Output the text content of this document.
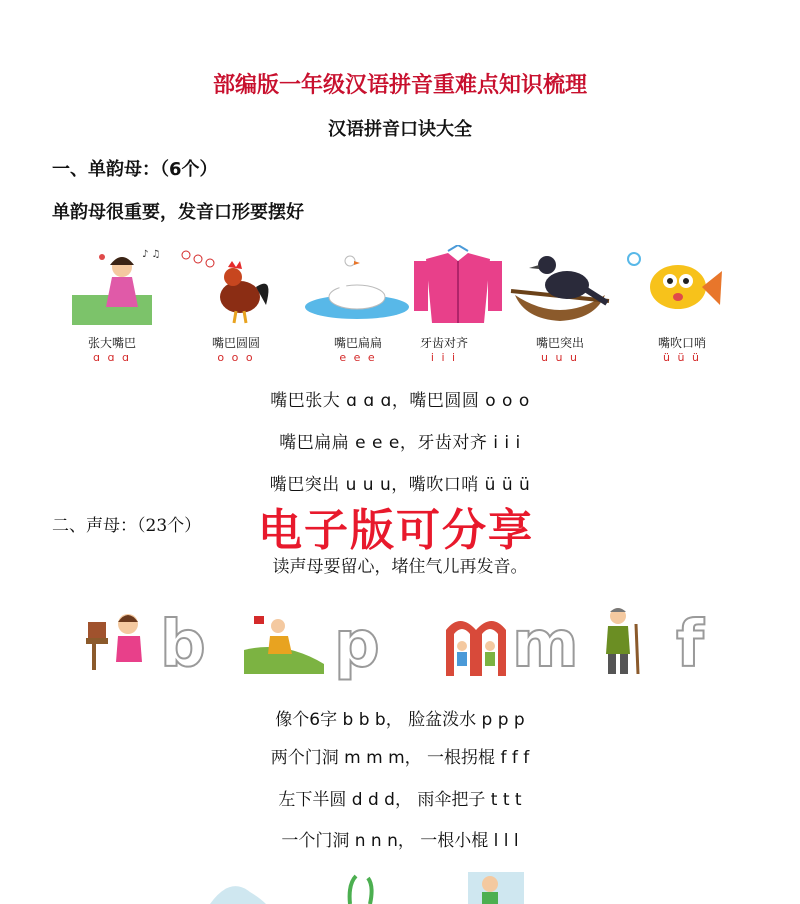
部编版一年级汉语拼音重难点知识梳理
汉语拼音口诀大全
一、单韵母：（6个）
单韵母很重要，发音口形要摆好
♪ ♫
张大嘴巴
ɑ ɑ ɑ
嘴巴圆圆
o o o
嘴巴扁扁
e e e
牙齿对齐
i i i
嘴巴突出
u u u
嘴吹口哨
ü ü ü
嘴巴张大 ɑ ɑ ɑ，嘴巴圆圆 o o o
嘴巴扁扁 e e e，牙齿对齐 i i i
嘴巴突出 u u u，嘴吹口哨 ü ü ü
二、声母：（23个） 电子版可分享
读声母要留心，堵住气儿再发音。
b p m f
像个6字 b b b， 脸盆泼水 p p p
两个门洞 m m m， 一根拐棍 f f f
左下半圆 d d d， 雨伞把子 t t t
一个门洞 n n n， 一根小棍 l l l
